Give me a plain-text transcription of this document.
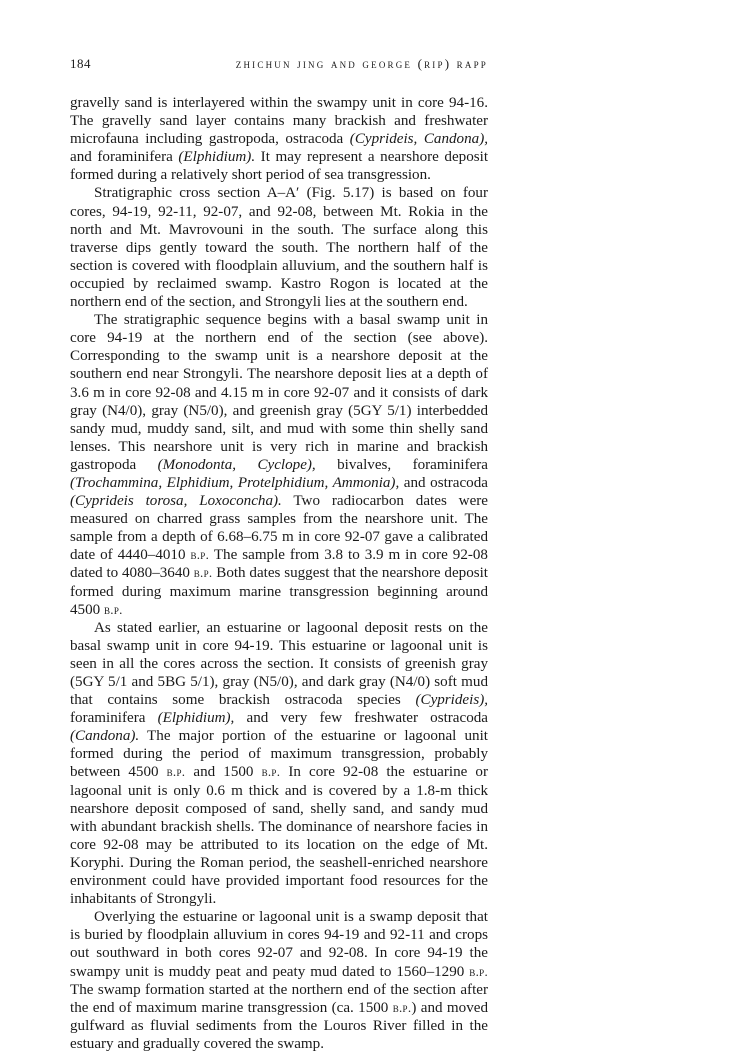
184	zhichun jing and george (rip) rapp

gravelly sand is interlayered within the swampy unit in core 94-16. The gravelly sand layer contains many brackish and freshwater microfauna including gastropoda, ostracoda (Cyprideis, Candona), and foraminifera (Elphidium). It may represent a nearshore deposit formed during a relatively short period of sea transgression.

Stratigraphic cross section A–A′ (Fig. 5.17) is based on four cores, 94-19, 92-11, 92-07, and 92-08, between Mt. Rokia in the north and Mt. Mavrovouni in the south. The surface along this traverse dips gently toward the south. The northern half of the section is covered with floodplain alluvium, and the southern half is occupied by reclaimed swamp. Kastro Rogon is located at the northern end of the section, and Strongyli lies at the southern end.

The stratigraphic sequence begins with a basal swamp unit in core 94-19 at the northern end of the section (see above). Corresponding to the swamp unit is a nearshore deposit at the southern end near Strongyli. The nearshore deposit lies at a depth of 3.6 m in core 92-08 and 4.15 m in core 92-07 and it consists of dark gray (N4/0), gray (N5/0), and greenish gray (5GY 5/1) interbedded sandy mud, muddy sand, silt, and mud with some thin shelly sand lenses. This nearshore unit is very rich in marine and brackish gastropoda (Monodonta, Cyclope), bivalves, foraminifera (Trochammina, Elphidium, Protelphidium, Ammonia), and ostracoda (Cyprideis torosa, Loxoconcha). Two radiocarbon dates were measured on charred grass samples from the nearshore unit. The sample from a depth of 6.68–6.75 m in core 92-07 gave a calibrated date of 4440–4010 b.p. The sample from 3.8 to 3.9 m in core 92-08 dated to 4080–3640 b.p. Both dates suggest that the nearshore deposit formed during maximum marine transgression beginning around 4500 b.p.

As stated earlier, an estuarine or lagoonal deposit rests on the basal swamp unit in core 94-19. This estuarine or lagoonal unit is seen in all the cores across the section. It consists of greenish gray (5GY 5/1 and 5BG 5/1), gray (N5/0), and dark gray (N4/0) soft mud that contains some brackish ostracoda species (Cyprideis), foraminifera (Elphidium), and very few freshwater ostracoda (Candona). The major portion of the estuarine or lagoonal unit formed during the period of maximum transgression, probably between 4500 b.p. and 1500 b.p. In core 92-08 the estuarine or lagoonal unit is only 0.6 m thick and is covered by a 1.8-m thick nearshore deposit composed of sand, shelly sand, and sandy mud with abundant brackish shells. The dominance of nearshore facies in core 92-08 may be attributed to its location on the edge of Mt. Koryphi. During the Roman period, the seashell-enriched nearshore environment could have provided important food resources for the inhabitants of Strongyli.

Overlying the estuarine or lagoonal unit is a swamp deposit that is buried by floodplain alluvium in cores 94-19 and 92-11 and crops out southward in both cores 92-07 and 92-08. In core 94-19 the swampy unit is muddy peat and peaty mud dated to 1560–1290 b.p. The swamp formation started at the northern end of the section after the end of maximum marine transgression (ca. 1500 b.p.) and moved gulfward as fluvial sediments from the Louros River filled in the estuary and gradually covered the swamp.
